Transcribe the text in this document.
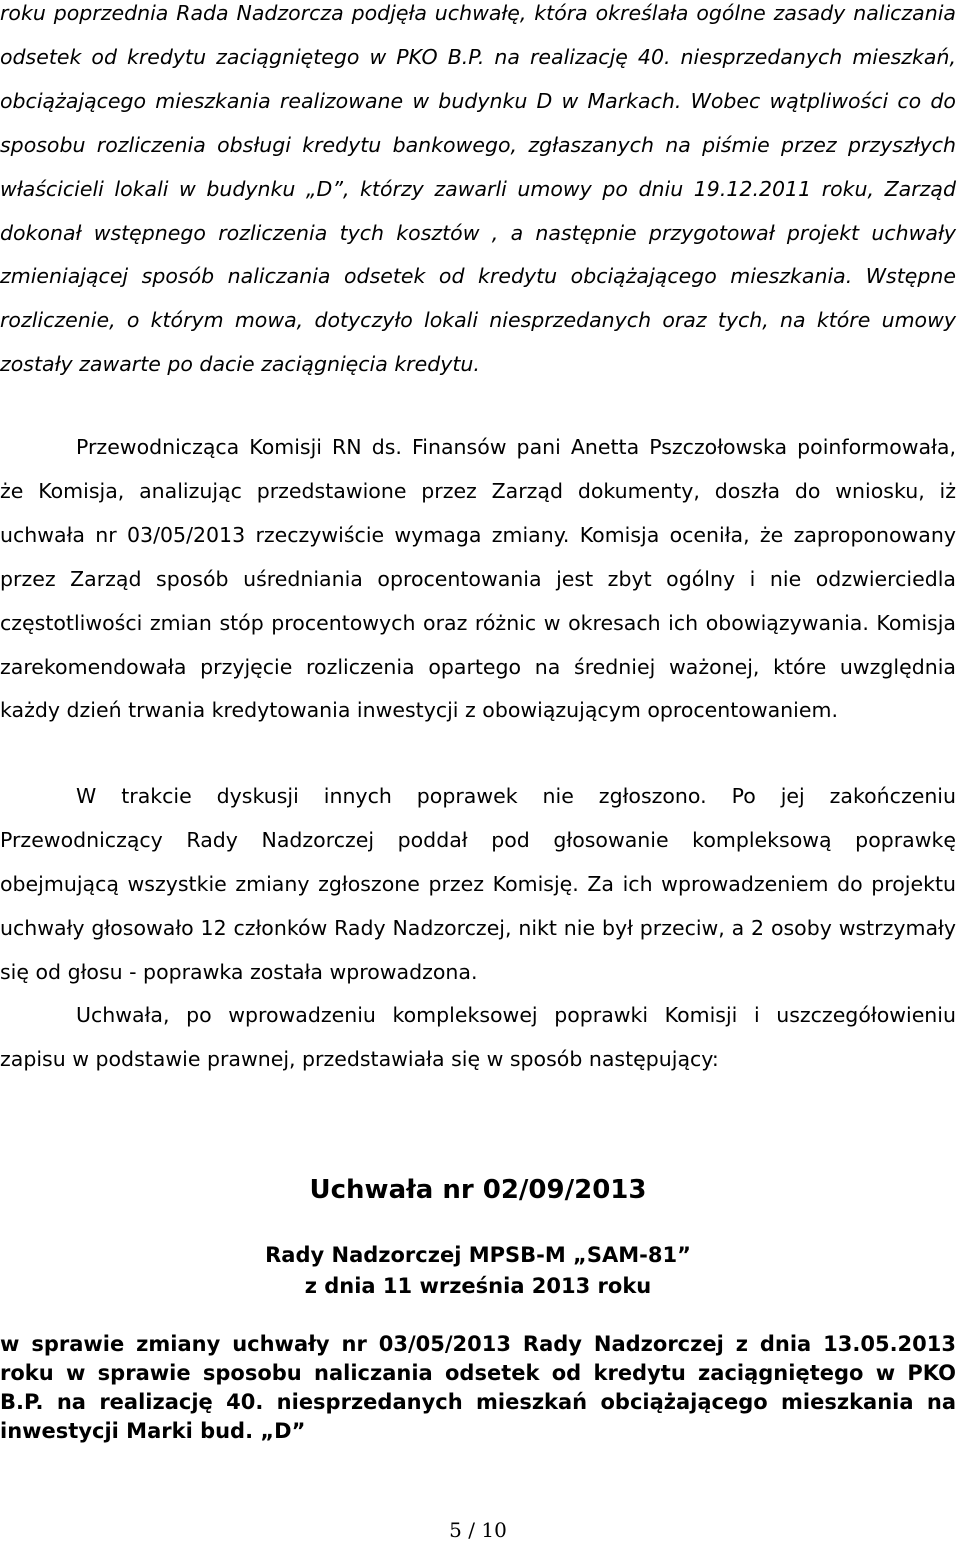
roku poprzednia Rada Nadzorcza podjęła uchwałę, która określała ogólne zasady naliczania odsetek od kredytu zaciągniętego w PKO B.P. na realizację 40. niesprzedanych mieszkań, obciążającego mieszkania realizowane w budynku D w Markach. Wobec wątpliwości co do sposobu rozliczenia obsługi kredytu bankowego, zgłaszanych na piśmie przez przyszłych właścicieli lokali w budynku „D”, którzy zawarli umowy po dniu 19.12.2011 roku, Zarząd dokonał wstępnego rozliczenia tych kosztów , a następnie przygotował projekt uchwały zmieniającej sposób naliczania odsetek od kredytu obciążającego mieszkania. Wstępne rozliczenie, o którym mowa, dotyczyło lokali niesprzedanych oraz tych, na które umowy zostały zawarte po dacie zaciągnięcia kredytu.

Przewodnicząca Komisji RN ds. Finansów pani Anetta Pszczołowska poinformowała, że Komisja, analizując przedstawione przez Zarząd dokumenty, doszła do wniosku, iż uchwała nr 03/05/2013 rzeczywiście wymaga zmiany. Komisja oceniła, że zaproponowany przez Zarząd sposób uśredniania oprocentowania jest zbyt ogólny i nie odzwierciedla częstotliwości zmian stóp procentowych oraz różnic w okresach ich obowiązywania. Komisja zarekomendowała przyjęcie rozliczenia opartego na średniej ważonej, które uwzględnia każdy dzień trwania kredytowania inwestycji z obowiązującym oprocentowaniem.

W trakcie dyskusji innych poprawek nie zgłoszono. Po jej zakończeniu Przewodniczący Rady Nadzorczej poddał pod głosowanie kompleksową poprawkę obejmującą wszystkie zmiany zgłoszone przez Komisję. Za ich wprowadzeniem do projektu uchwały głosowało 12 członków Rady Nadzorczej, nikt nie był przeciw, a 2 osoby wstrzymały się od głosu - poprawka została wprowadzona.

Uchwała, po wprowadzeniu kompleksowej poprawki Komisji i uszczegółowieniu zapisu w podstawie prawnej, przedstawiała się w sposób następujący:

Uchwała nr 02/09/2013
Rady Nadzorczej MPSB-M „SAM-81”
z dnia 11 września 2013 roku

w sprawie zmiany uchwały nr 03/05/2013 Rady Nadzorczej z dnia 13.05.2013 roku w sprawie sposobu naliczania odsetek od kredytu zaciągniętego w PKO B.P. na realizację 40. niesprzedanych mieszkań obciążającego mieszkania na inwestycji Marki bud. „D”

5 / 10
